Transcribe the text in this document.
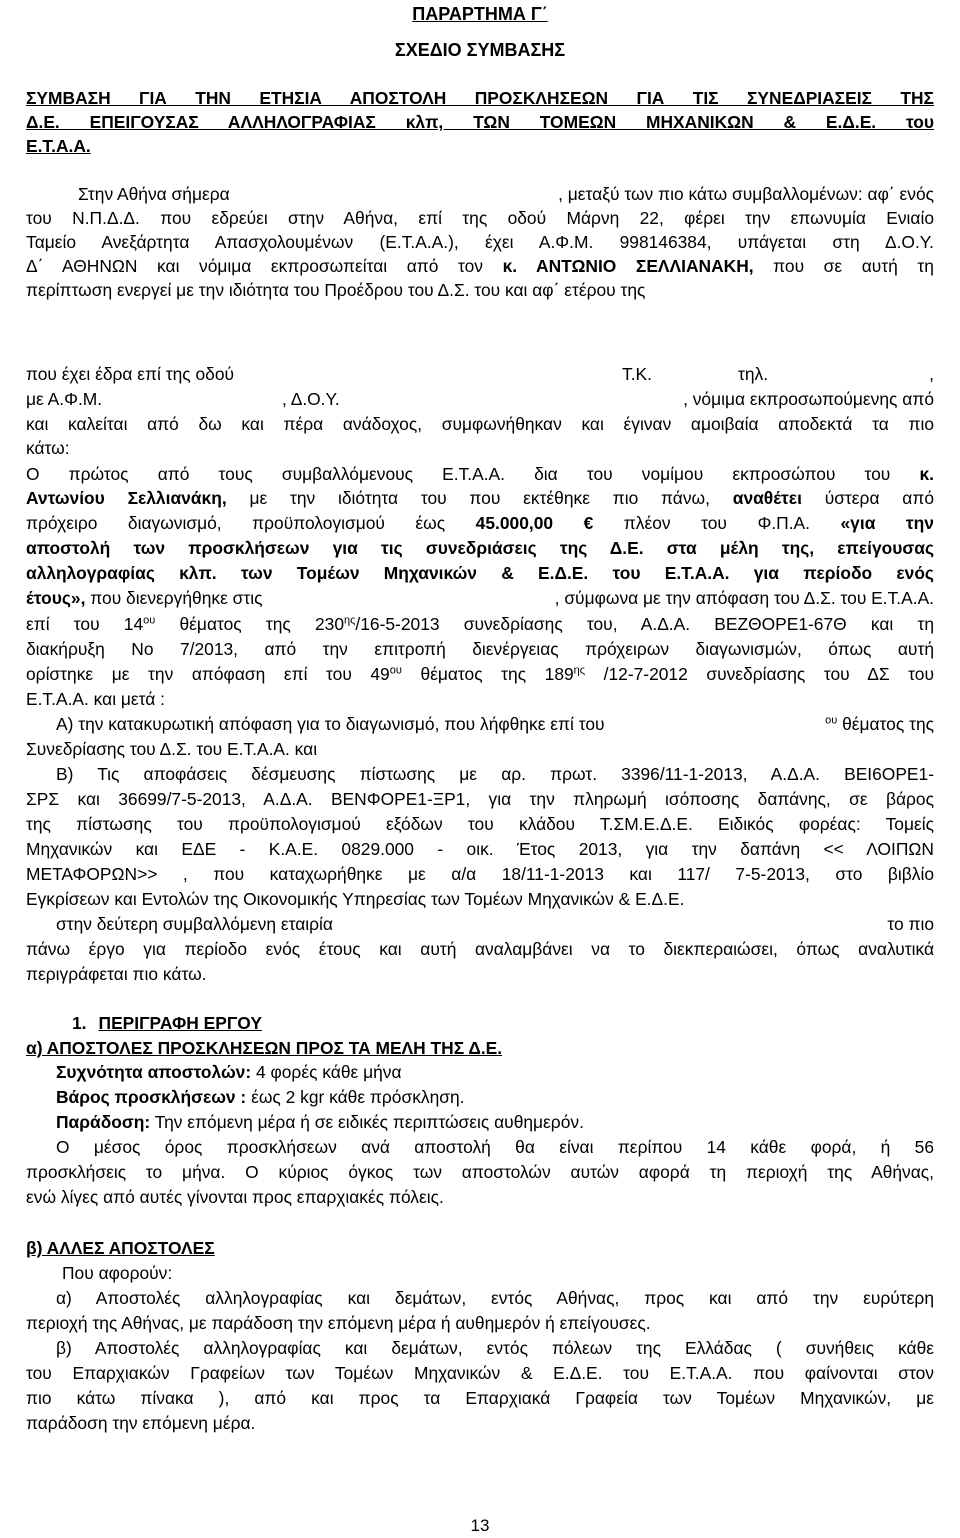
ΠΑΡΑΡΤΗΜΑ Γ΄
ΣΧΕΔΙΟ ΣΥΜΒΑΣΗΣ
ΣΥΜΒΑΣΗ ΓΙΑ ΤΗΝ ΕΤΗΣΙΑ ΑΠΟΣΤΟΛΗ ΠΡΟΣΚΛΗΣΕΩΝ ΓΙΑ ΤΙΣ ΣΥΝΕΔΡΙΑΣΕΙΣ ΤΗΣ
Δ.Ε. ΕΠΕΙΓΟΥΣΑΣ ΑΛΛΗΛΟΓΡΑΦΙΑΣ κλπ, ΤΩΝ ΤΟΜΕΩΝ ΜΗΧΑΝΙΚΩΝ & Ε.Δ.Ε. του
Ε.Τ.Α.Α.
Στην Αθήνα σήμερα	, μεταξύ των πιο κάτω συμβαλλομένων: αφ΄ ενός
του Ν.Π.Δ.Δ. που εδρεύει στην Αθήνα, επί της οδού Μάρνη 22, φέρει την επωνυμία Ενιαίο
Ταμείο Ανεξάρτητα Απασχολουμένων (Ε.Τ.Α.Α.), έχει Α.Φ.Μ. 998146384, υπάγεται στη Δ.Ο.Υ.
Δ΄ ΑΘΗΝΩΝ και νόμιμα εκπροσωπείται από τον κ. ΑΝΤΩΝΙΟ ΣΕΛΛΙΑΝΑΚΗ, που σε αυτή τη
περίπτωση ενεργεί με την ιδιότητα του Προέδρου του Δ.Σ. του και αφ΄ ετέρου της
που έχει έδρα επί της οδού	Τ.Κ.	τηλ.	,
με Α.Φ.Μ.	, Δ.Ο.Υ.	, νόμιμα εκπροσωπούμενης από
και καλείται από δω και πέρα ανάδοχος, συμφωνήθηκαν και έγιναν αμοιβαία αποδεκτά τα πιο
κάτω:
Ο πρώτος από τους συμβαλλόμενους Ε.Τ.Α.Α. δια του νομίμου εκπροσώπου του κ.
Αντωνίου Σελλιανάκη, με την ιδιότητα του που εκτέθηκε πιο πάνω, αναθέτει ύστερα από
πρόχειρο διαγωνισμό, προϋπολογισμού έως 45.000,00 € πλέον του Φ.Π.Α. «για την
αποστολή των προσκλήσεων για τις συνεδριάσεις της Δ.Ε. στα μέλη της, επείγουσας
αλληλογραφίας κλπ. των Τομέων Μηχανικών & Ε.Δ.Ε. του Ε.Τ.Α.Α. για περίοδο ενός
έτους», που διενεργήθηκε στις	, σύμφωνα με την απόφαση του Δ.Σ. του Ε.Τ.Α.Α.
επί του $14^{o\upsilon}$ θέματος της $230^{\eta\varsigma}/16-5-2013$ συνεδρίασης του, Α.Δ.Α. ΒΕΖΘΟΡΕ1-67Θ και τη
διακήρυξη Νο 7/2013, από την επιτροπή διενέργειας πρόχειρων διαγωνισμών, όπως αυτή
ορίστηκε με την απόφαση επί του $49^{o\upsilon}$ θέματος της $189^{\eta\varsigma}$ /12-7-2012 συνεδρίασης του ΔΣ του
Ε.Τ.Α.Α. και μετά :
Α) την κατακυρωτική απόφαση για το διαγωνισμό, που λήφθηκε επί του	$^{o\upsilon}$ θέματος της
Συνεδρίασης του Δ.Σ. του Ε.Τ.Α.Α. και
Β) Τις αποφάσεις δέσμευσης πίστωσης με αρ. πρωτ. 3396/11-1-2013, Α.Δ.Α. ΒΕΙ6ΟΡΕ1-
ΣΡΣ και 36699/7-5-2013, Α.Δ.Α. ΒΕΝΦΟΡΕ1-ΞΡ1, για την πληρωμή ισόποσης δαπάνης, σε βάρος
της πίστωσης του προϋπολογισμού εξόδων του κλάδου Τ.ΣΜ.Ε.Δ.Ε. Ειδικός φορέας: Τομείς
Μηχανικών και ΕΔΕ - Κ.Α.Ε. 0829.000 - οικ. Έτος 2013, για την δαπάνη << ΛΟΙΠΩΝ
ΜΕΤΑΦΟΡΩΝ>> , που καταχωρήθηκε με α/α 18/11-1-2013 και 117/ 7-5-2013, στο βιβλίο
Εγκρίσεων και Εντολών της Οικονομικής Υπηρεσίας των Τομέων Μηχανικών & Ε.Δ.Ε.
στην δεύτερη συμβαλλόμενη εταιρία	το πιο
πάνω έργο για περίοδο ενός έτους και αυτή αναλαμβάνει να το διεκπεραιώσει, όπως αναλυτικά
περιγράφεται πιο κάτω.
1. ΠΕΡΙΓΡΑΦΗ ΕΡΓΟΥ
α) ΑΠΟΣΤΟΛΕΣ ΠΡΟΣΚΛΗΣΕΩΝ ΠΡΟΣ ΤΑ ΜΕΛΗ ΤΗΣ Δ.Ε.
Συχνότητα αποστολών: 4 φορές κάθε μήνα
Βάρος προσκλήσεων : έως 2 kgr κάθε πρόσκληση.
Παράδοση: Την επόμενη μέρα ή σε ειδικές περιπτώσεις αυθημερόν.
Ο μέσος όρος προσκλήσεων ανά αποστολή θα είναι περίπου 14 κάθε φορά, ή 56
προσκλήσεις το μήνα. Ο κύριος όγκος των αποστολών αυτών αφορά τη περιοχή της Αθήνας,
ενώ λίγες από αυτές γίνονται προς επαρχιακές πόλεις.
β) ΑΛΛΕΣ ΑΠΟΣΤΟΛΕΣ
Που αφορούν:
α) Αποστολές αλληλογραφίας και δεμάτων, εντός Αθήνας, προς και από την ευρύτερη
περιοχή της Αθήνας, με παράδοση την επόμενη μέρα ή αυθημερόν ή επείγουσες.
β) Αποστολές αλληλογραφίας και δεμάτων, εντός πόλεων της Ελλάδας ( συνήθεις κάθε
του Επαρχιακών Γραφείων των Τομέων Μηχανικών & Ε.Δ.Ε. του Ε.Τ.Α.Α. που φαίνονται στον
πιο κάτω πίνακα ), από και προς τα Επαρχιακά Γραφεία των Τομέων Μηχανικών, με
παράδοση την επόμενη μέρα.
13
